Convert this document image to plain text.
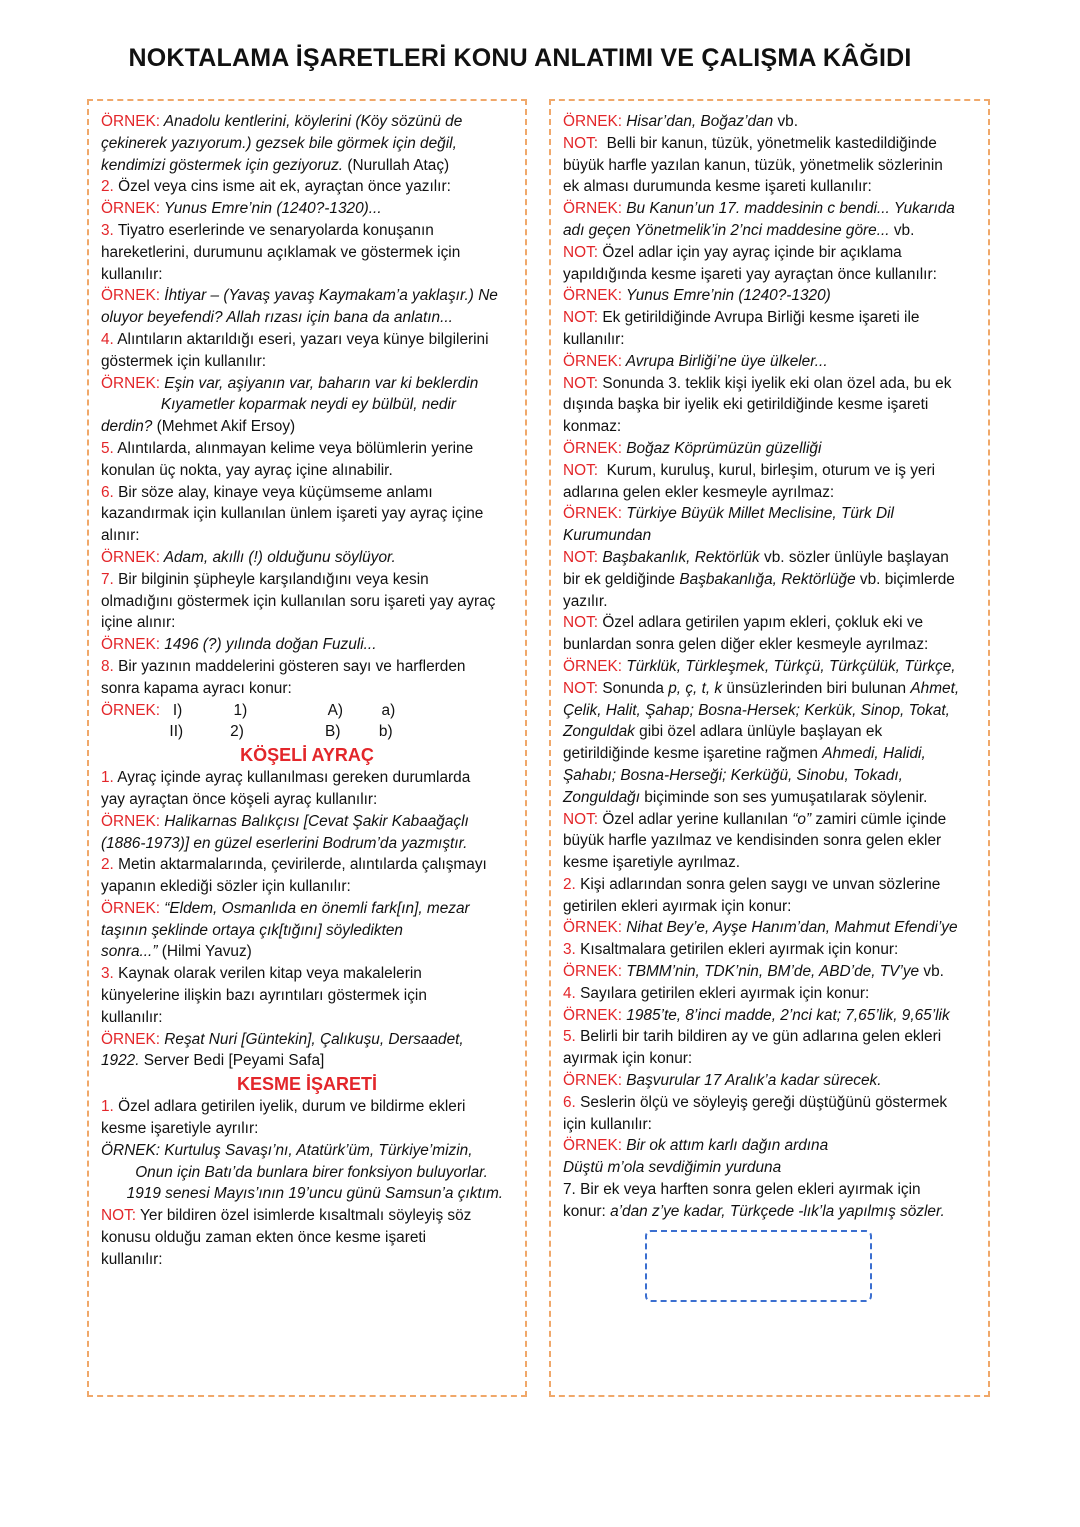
NOKTALAMA İŞARETLERİ KONU ANLATIMI VE ÇALIŞMA KÂĞIDI
ÖRNEK: Anadolu kentlerini, köylerini (Köy sözünü de
çekinerek yazıyorum.) gezsek bile görmek için değil,
kendimizi göstermek için geziyoruz. (Nurullah Ataç)
2. Özel veya cins isme ait ek, ayraçtan önce yazılır:
ÖRNEK: Yunus Emre’nin (1240?-1320)...
3. Tiyatro eserlerinde ve senaryolarda konuşanın
hareketlerini, durumunu açıklamak ve göstermek için
kullanılır:
ÖRNEK: İhtiyar – (Yavaş yavaş Kaymakam’a yaklaşır.) Ne
oluyor beyefendi? Allah rızası için bana da anlatın...
4. Alıntıların aktarıldığı eseri, yazarı veya künye bilgilerini
göstermek için kullanılır:
ÖRNEK: Eşin var, aşiyanın var, baharın var ki beklerdin
Kıyametler koparmak neydi ey bülbül, nedir
derdin? (Mehmet Akif Ersoy)
5. Alıntılarda, alınmayan kelime veya bölümlerin yerine
konulan üç nokta, yay ayraç içine alınabilir.
6. Bir söze alay, kinaye veya küçümseme anlamı
kazandırmak için kullanılan ünlem işareti yay ayraç içine
alınır:
ÖRNEK: Adam, akıllı (!) olduğunu söylüyor.
7. Bir bilginin şüpheyle karşılandığını veya kesin
olmadığını göstermek için kullanılan soru işareti yay ayraç
içine alınır:
ÖRNEK: 1496 (?) yılında doğan Fuzuli...
8. Bir yazının maddelerini gösteren sayı ve harflerden
sonra kapama ayracı konur:
ÖRNEK:   I)            1)                   A)         a)
II)           2)                   B)         b)
KÖŞELİ AYRAÇ
1. Ayraç içinde ayraç kullanılması gereken durumlarda
yay ayraçtan önce köşeli ayraç kullanılır:
ÖRNEK: Halikarnas Balıkçısı [Cevat Şakir Kabaağaçlı
(1886-1973)] en güzel eserlerini Bodrum’da yazmıştır.
2. Metin aktarmalarında, çevirilerde, alıntılarda çalışmayı
yapanın eklediği sözler için kullanılır:
ÖRNEK: “Eldem, Osmanlıda en önemli fark[ın], mezar
taşının şeklinde ortaya çık[tığını] söyledikten
sonra...” (Hilmi Yavuz)
3. Kaynak olarak verilen kitap veya makalelerin
künyelerine ilişkin bazı ayrıntıları göstermek için
kullanılır:
ÖRNEK: Reşat Nuri [Güntekin], Çalıkuşu, Dersaadet,
1922. Server Bedi [Peyami Safa]
KESME İŞARETİ
1. Özel adlara getirilen iyelik, durum ve bildirme ekleri
kesme işaretiyle ayrılır:
ÖRNEK: Kurtuluş Savaşı’nı, Atatürk’üm, Türkiye’mizin,
Onun için Batı’da bunlara birer fonksiyon buluyorlar.
1919 senesi Mayıs’ının 19’uncu günü Samsun’a çıktım.
NOT: Yer bildiren özel isimlerde kısaltmalı söyleyiş söz
konusu olduğu zaman ekten önce kesme işareti
kullanılır:
ÖRNEK: Hisar’dan, Boğaz’dan vb.
NOT:  Belli bir kanun, tüzük, yönetmelik kastedildiğinde
büyük harfle yazılan kanun, tüzük, yönetmelik sözlerinin
ek alması durumunda kesme işareti kullanılır:
ÖRNEK: Bu Kanun’un 17. maddesinin c bendi... Yukarıda
adı geçen Yönetmelik’in 2’nci maddesine göre... vb.
NOT: Özel adlar için yay ayraç içinde bir açıklama
yapıldığında kesme işareti yay ayraçtan önce kullanılır:
ÖRNEK: Yunus Emre’nin (1240?-1320)
NOT: Ek getirildiğinde Avrupa Birliği kesme işareti ile
kullanılır:
ÖRNEK: Avrupa Birliği’ne üye ülkeler...
NOT: Sonunda 3. teklik kişi iyelik eki olan özel ada, bu ek
dışında başka bir iyelik eki getirildiğinde kesme işareti
konmaz:
ÖRNEK: Boğaz Köprümüzün güzelliği
NOT:  Kurum, kuruluş, kurul, birleşim, oturum ve iş yeri
adlarına gelen ekler kesmeyle ayrılmaz:
ÖRNEK: Türkiye Büyük Millet Meclisine, Türk Dil
Kurumundan
NOT: Başbakanlık, Rektörlük vb. sözler ünlüyle başlayan
bir ek geldiğinde Başbakanlığa, Rektörlüğe vb. biçimlerde
yazılır.
NOT: Özel adlara getirilen yapım ekleri, çokluk eki ve
bunlardan sonra gelen diğer ekler kesmeyle ayrılmaz:
ÖRNEK: Türklük, Türkleşmek, Türkçü, Türkçülük, Türkçe,
NOT: Sonunda p, ç, t, k ünsüzlerinden biri bulunan Ahmet,
Çelik, Halit, Şahap; Bosna-Hersek; Kerkük, Sinop, Tokat,
Zonguldak gibi özel adlara ünlüyle başlayan ek
getirildiğinde kesme işaretine rağmen Ahmedi, Halidi,
Şahabı; Bosna-Herseği; Kerküğü, Sinobu, Tokadı,
Zonguldağı biçiminde son ses yumuşatılarak söylenir.
NOT: Özel adlar yerine kullanılan “o” zamiri cümle içinde
büyük harfle yazılmaz ve kendisinden sonra gelen ekler
kesme işaretiyle ayrılmaz.
2. Kişi adlarından sonra gelen saygı ve unvan sözlerine
getirilen ekleri ayırmak için konur:
ÖRNEK: Nihat Bey’e, Ayşe Hanım’dan, Mahmut Efendi’ye
3. Kısaltmalara getirilen ekleri ayırmak için konur:
ÖRNEK: TBMM’nin, TDK’nin, BM’de, ABD’de, TV’ye vb.
4. Sayılara getirilen ekleri ayırmak için konur:
ÖRNEK: 1985’te, 8’inci madde, 2’nci kat; 7,65’lik, 9,65’lik
5. Belirli bir tarih bildiren ay ve gün adlarına gelen ekleri
ayırmak için konur:
ÖRNEK: Başvurular 17 Aralık’a kadar sürecek.
6. Seslerin ölçü ve söyleyiş gereği düştüğünü göstermek
için kullanılır:
ÖRNEK: Bir ok attım karlı dağın ardına
Düştü m’ola sevdiğimin yurduna
7. Bir ek veya harften sonra gelen ekleri ayırmak için
konur: a’dan z’ye kadar, Türkçede -lık’la yapılmış sözler.
